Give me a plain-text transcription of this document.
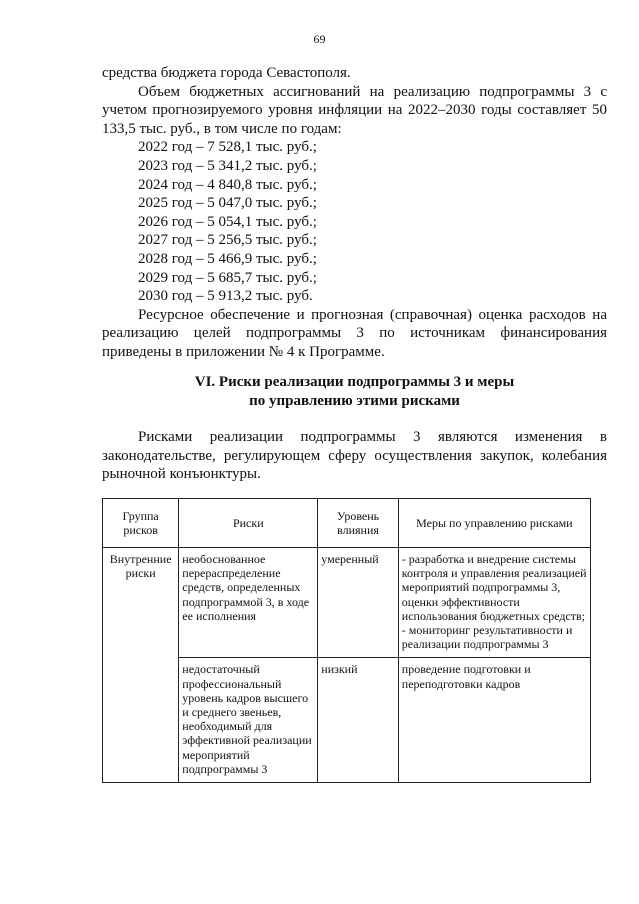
69

средства бюджета города Севастополя.

Объем бюджетных ассигнований на реализацию подпрограммы 3 с учетом прогнозируемого уровня инфляции на 2022–2030 годы составляет 50 133,5 тыс. руб., в том числе по годам:

2022 год – 7 528,1 тыс. руб.;
2023 год – 5 341,2 тыс. руб.;
2024 год – 4 840,8 тыс. руб.;
2025 год – 5 047,0 тыс. руб.;
2026 год – 5 054,1 тыс. руб.;
2027 год – 5 256,5 тыс. руб.;
2028 год – 5 466,9 тыс. руб.;
2029 год – 5 685,7 тыс. руб.;
2030 год – 5 913,2 тыс. руб.

Ресурсное обеспечение и прогнозная (справочная) оценка расходов на реализацию целей подпрограммы 3 по источникам финансирования приведены в приложении № 4 к Программе.

VI. Риски реализации подпрограммы 3 и меры
по управлению этими рисками

Рисками реализации подпрограммы 3 являются изменения в законодательстве, регулирующем сферу осуществления закупок, колебания рыночной конъюнктуры.

Группа рисков	Риски	Уровень влияния	Меры по управлению рисками
Внутренние риски	необоснованное перераспределение средств, определенных подпрограммой 3, в ходе ее исполнения	умеренный	- разработка и внедрение системы контроля и управления реализацией мероприятий подпрограммы 3, оценки эффективности использования бюджетных средств;
- мониторинг результативности и реализации подпрограммы 3

	недостаточный профессиональный уровень кадров высшего и среднего звеньев, необходимый для эффективной реализации мероприятий подпрограммы 3	низкий	проведение подготовки и переподготовки кадров
